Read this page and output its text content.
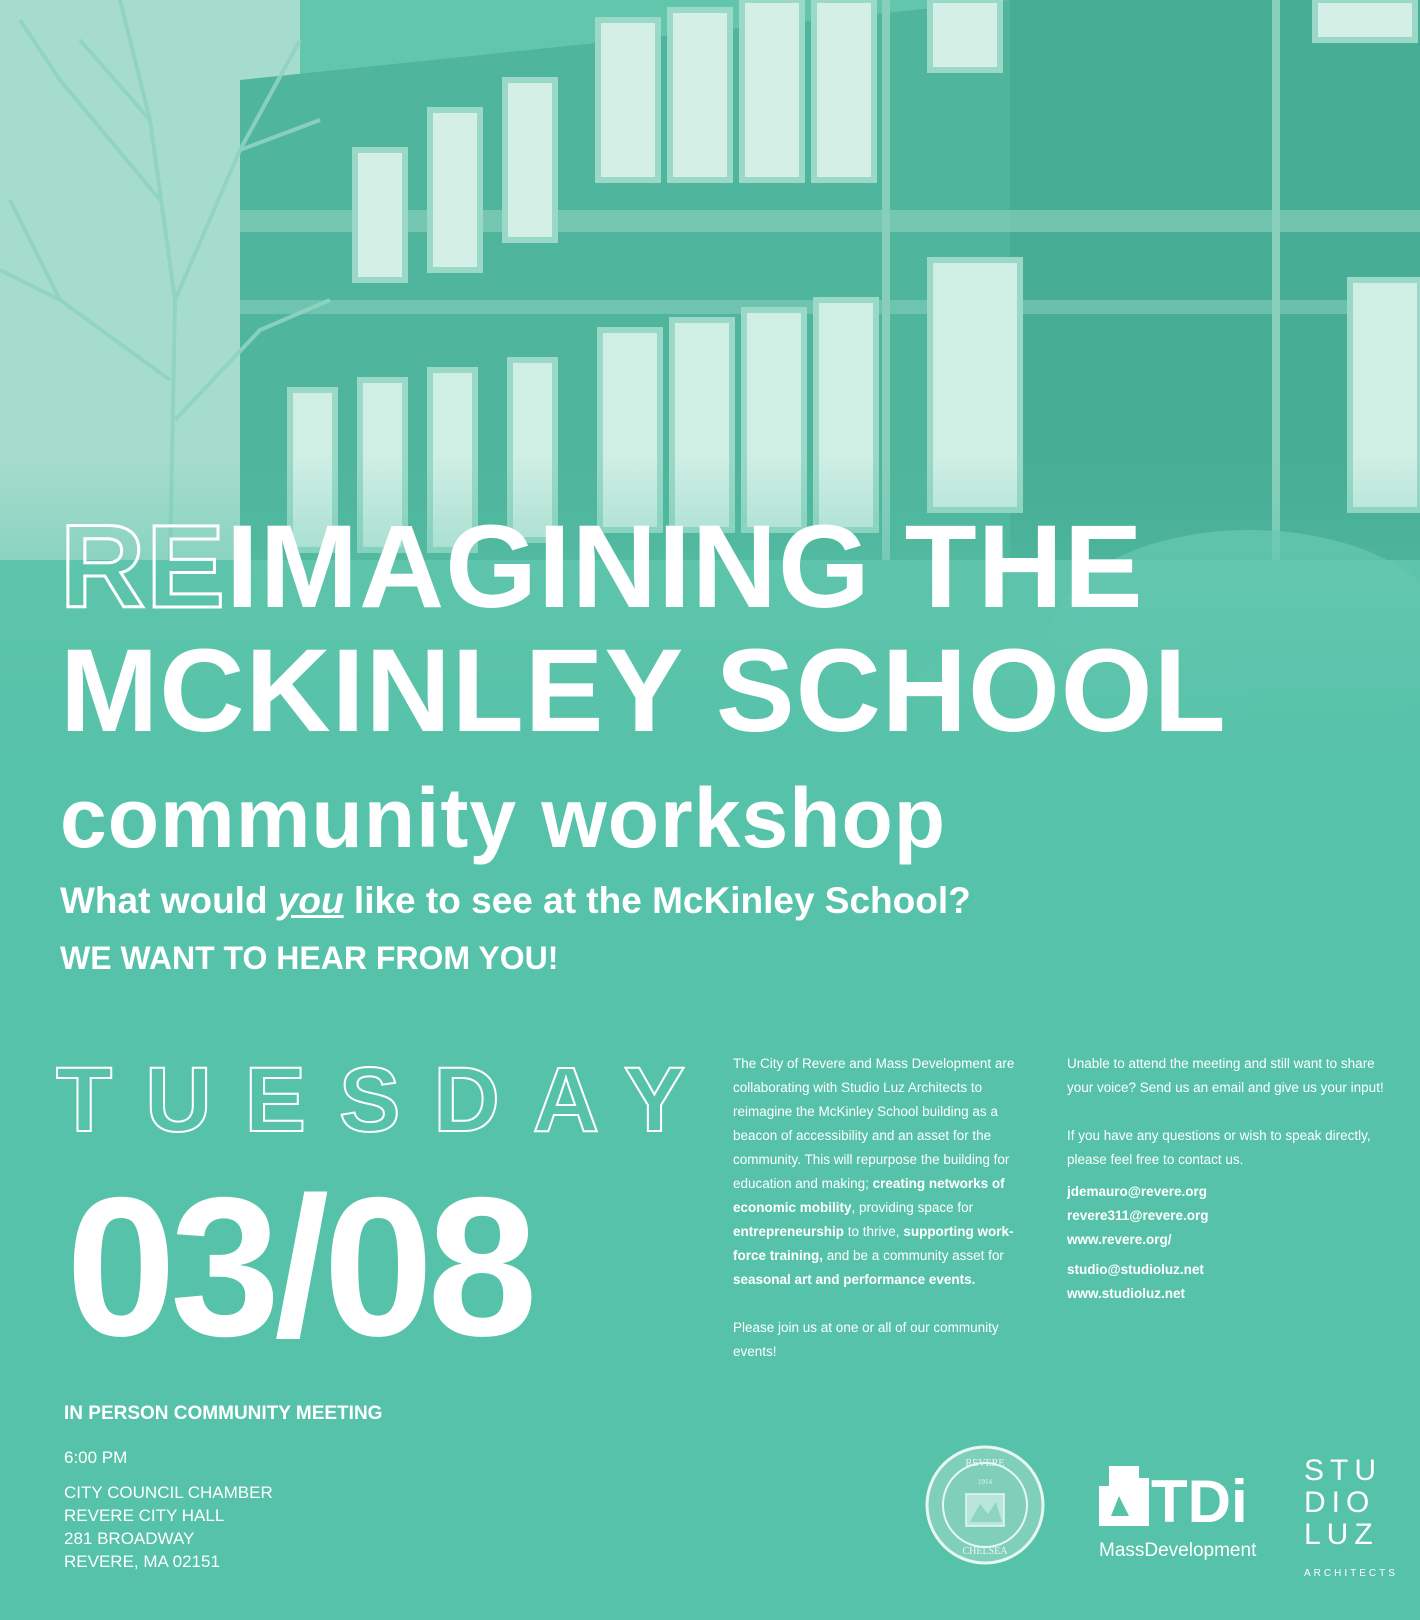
REIMAGINING THE
MCKINLEY SCHOOL
community workshop
What would you like to see at the McKinley School?
WE WANT TO HEAR FROM YOU!
TUESDAY
03/08
IN PERSON COMMUNITY MEETING
6:00 PM
CITY COUNCIL CHAMBER
REVERE CITY HALL
281 BROADWAY
REVERE, MA 02151

The City of Revere and Mass Development are collaborating with Studio Luz Architects to reimagine the McKinley School building as a beacon of accessibility and an asset for the community. This will repurpose the building for education and making; creating networks of economic mobility, providing space for entrepreneurship to thrive, supporting work-force training, and be a community asset for seasonal art and performance events.

Please join us at one or all of our community events!

Unable to attend the meeting and still want to share your voice? Send us an email and give us your input!

If you have any questions or wish to speak directly, please feel free to contact us.

jdemauro@revere.org
revere311@revere.org
www.revere.org/
studio@studioluz.net
www.studioluz.net
REVERE
CHELSEA
1914	TDi
MassDevelopment
STU
DIO
LUZ
ARCHITECTS
